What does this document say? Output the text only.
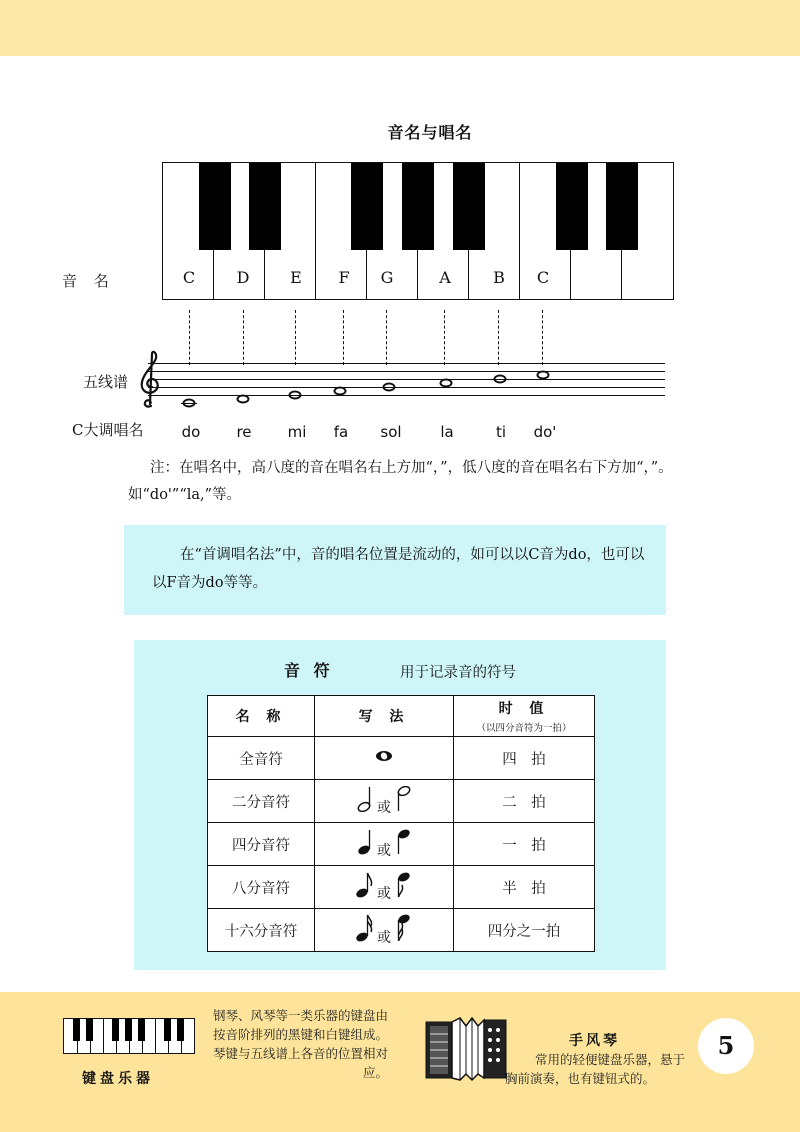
音名与唱名
C	D	E F G	A	B C
音 名
五线谱
C大调唱名	do re mi fa sol	la	ti do'
注：在唱名中，高八度的音在唱名右上方加“，”，低八度的音在唱名右下方加“，”。如“do'”“la,”等。

在“首调唱名法”中，音的唱名位置是流动的，如可以以C音为do，也可以以F音为do等等。

音 符	用于记录音的符号
名 称	写 法	时 值
（以四分音符为一拍）

全音符		四　拍
二分音符	或	二　拍
四分音符	或	一　拍
八分音符	或	半　拍
十六分音符	或	四分之一拍
键盘乐器
钢琴、风琴等一类乐器的键盘由按音阶排列的黑键和白键组成。琴键与五线谱上各音的位置相对应。
手风琴
常用的轻便键盘乐器，悬于胸前演奏，也有键钮式的。
5
